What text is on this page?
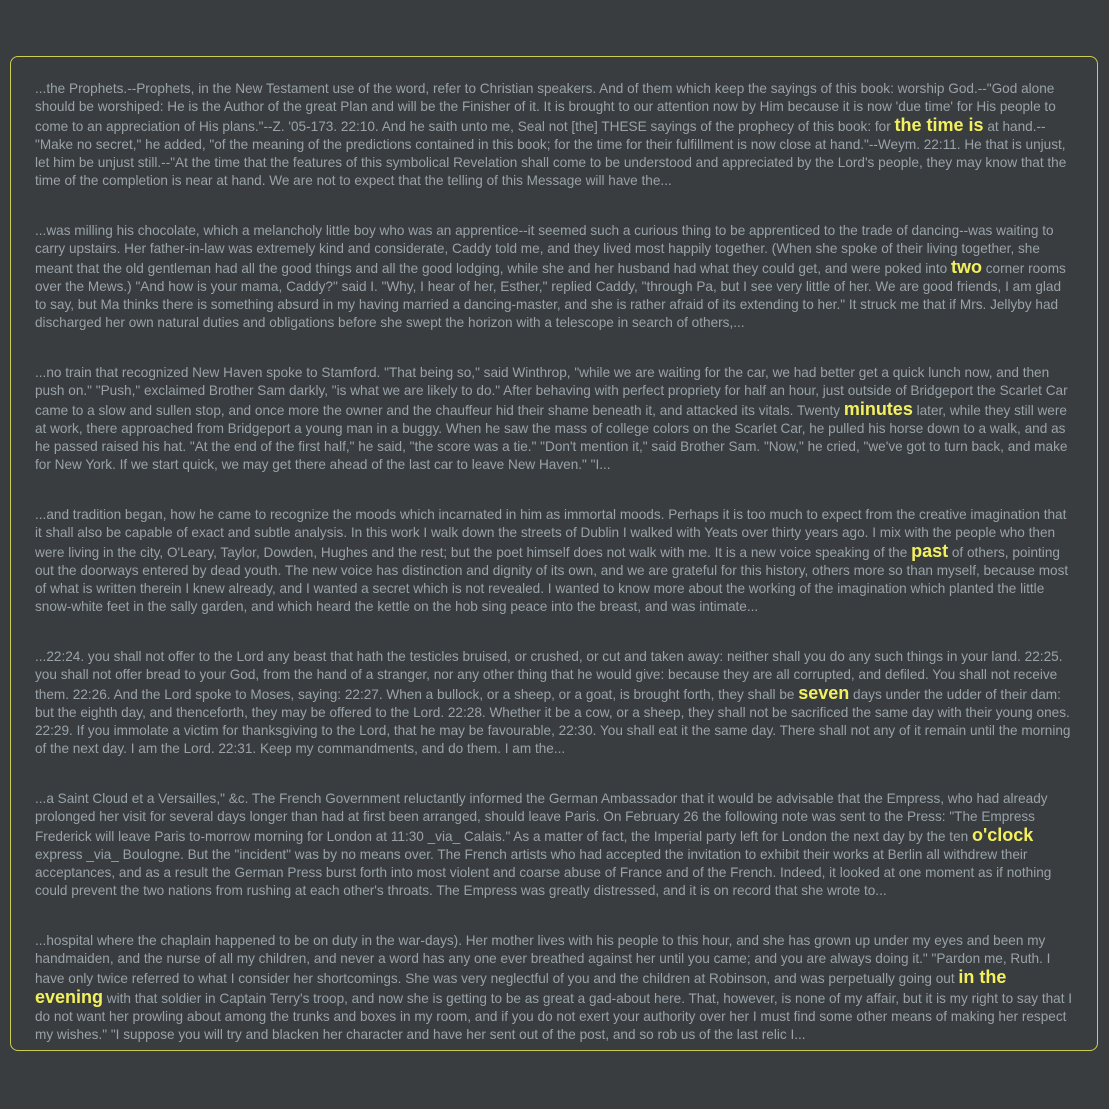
...the Prophets.--Prophets, in the New Testament use of the word, refer to Christian speakers. And of them which keep the sayings of this book: worship God.--"God alone should be worshiped: He is the Author of the great Plan and will be the Finisher of it. It is brought to our attention now by Him because it is now 'due time' for His people to come to an appreciation of His plans."--Z. '05-173. 22:10. And he saith unto me, Seal not [the] THESE sayings of the prophecy of this book: for the time is at hand.--"Make no secret," he added, "of the meaning of the predictions contained in this book; for the time for their fulfillment is now close at hand."--Weym. 22:11. He that is unjust, let him be unjust still.--"At the time that the features of this symbolical Revelation shall come to be understood and appreciated by the Lord's people, they may know that the time of the completion is near at hand. We are not to expect that the telling of this Message will have the...

...was milling his chocolate, which a melancholy little boy who was an apprentice--it seemed such a curious thing to be apprenticed to the trade of dancing--was waiting to carry upstairs. Her father-in-law was extremely kind and considerate, Caddy told me, and they lived most happily together. (When she spoke of their living together, she meant that the old gentleman had all the good things and all the good lodging, while she and her husband had what they could get, and were poked into two corner rooms over the Mews.) "And how is your mama, Caddy?" said I. "Why, I hear of her, Esther," replied Caddy, "through Pa, but I see very little of her. We are good friends, I am glad to say, but Ma thinks there is something absurd in my having married a dancing-master, and she is rather afraid of its extending to her." It struck me that if Mrs. Jellyby had discharged her own natural duties and obligations before she swept the horizon with a telescope in search of others,...

...no train that recognized New Haven spoke to Stamford. "That being so," said Winthrop, "while we are waiting for the car, we had better get a quick lunch now, and then push on." "Push," exclaimed Brother Sam darkly, "is what we are likely to do." After behaving with perfect propriety for half an hour, just outside of Bridgeport the Scarlet Car came to a slow and sullen stop, and once more the owner and the chauffeur hid their shame beneath it, and attacked its vitals. Twenty minutes later, while they still were at work, there approached from Bridgeport a young man in a buggy. When he saw the mass of college colors on the Scarlet Car, he pulled his horse down to a walk, and as he passed raised his hat. "At the end of the first half," he said, "the score was a tie." "Don't mention it," said Brother Sam. "Now," he cried, "we've got to turn back, and make for New York. If we start quick, we may get there ahead of the last car to leave New Haven." "I...

...and tradition began, how he came to recognize the moods which incarnated in him as immortal moods. Perhaps it is too much to expect from the creative imagination that it shall also be capable of exact and subtle analysis. In this work I walk down the streets of Dublin I walked with Yeats over thirty years ago. I mix with the people who then were living in the city, O'Leary, Taylor, Dowden, Hughes and the rest; but the poet himself does not walk with me. It is a new voice speaking of the past of others, pointing out the doorways entered by dead youth. The new voice has distinction and dignity of its own, and we are grateful for this history, others more so than myself, because most of what is written therein I knew already, and I wanted a secret which is not revealed. I wanted to know more about the working of the imagination which planted the little snow-white feet in the sally garden, and which heard the kettle on the hob sing peace into the breast, and was intimate...

...22:24. you shall not offer to the Lord any beast that hath the testicles bruised, or crushed, or cut and taken away: neither shall you do any such things in your land. 22:25. you shall not offer bread to your God, from the hand of a stranger, nor any other thing that he would give: because they are all corrupted, and defiled. You shall not receive them. 22:26. And the Lord spoke to Moses, saying: 22:27. When a bullock, or a sheep, or a goat, is brought forth, they shall be seven days under the udder of their dam: but the eighth day, and thenceforth, they may be offered to the Lord. 22:28. Whether it be a cow, or a sheep, they shall not be sacrificed the same day with their young ones. 22:29. If you immolate a victim for thanksgiving to the Lord, that he may be favourable, 22:30. You shall eat it the same day. There shall not any of it remain until the morning of the next day. I am the Lord. 22:31. Keep my commandments, and do them. I am the...

...a Saint Cloud et a Versailles," &c. The French Government reluctantly informed the German Ambassador that it would be advisable that the Empress, who had already prolonged her visit for several days longer than had at first been arranged, should leave Paris. On February 26 the following note was sent to the Press: "The Empress Frederick will leave Paris to-morrow morning for London at 11:30 _via_ Calais." As a matter of fact, the Imperial party left for London the next day by the ten o'clock express _via_ Boulogne. But the "incident" was by no means over. The French artists who had accepted the invitation to exhibit their works at Berlin all withdrew their acceptances, and as a result the German Press burst forth into most violent and coarse abuse of France and of the French. Indeed, it looked at one moment as if nothing could prevent the two nations from rushing at each other's throats. The Empress was greatly distressed, and it is on record that she wrote to...

...hospital where the chaplain happened to be on duty in the war-days). Her mother lives with his people to this hour, and she has grown up under my eyes and been my handmaiden, and the nurse of all my children, and never a word has any one ever breathed against her until you came; and you are always doing it." "Pardon me, Ruth. I have only twice referred to what I consider her shortcomings. She was very neglectful of you and the children at Robinson, and was perpetually going out in the evening with that soldier in Captain Terry's troop, and now she is getting to be as great a gad-about here. That, however, is none of my affair, but it is my right to say that I do not want her prowling about among the trunks and boxes in my room, and if you do not exert your authority over her I must find some other means of making her respect my wishes." "I suppose you will try and blacken her character and have her sent out of the post, and so rob us of the last relic I...
